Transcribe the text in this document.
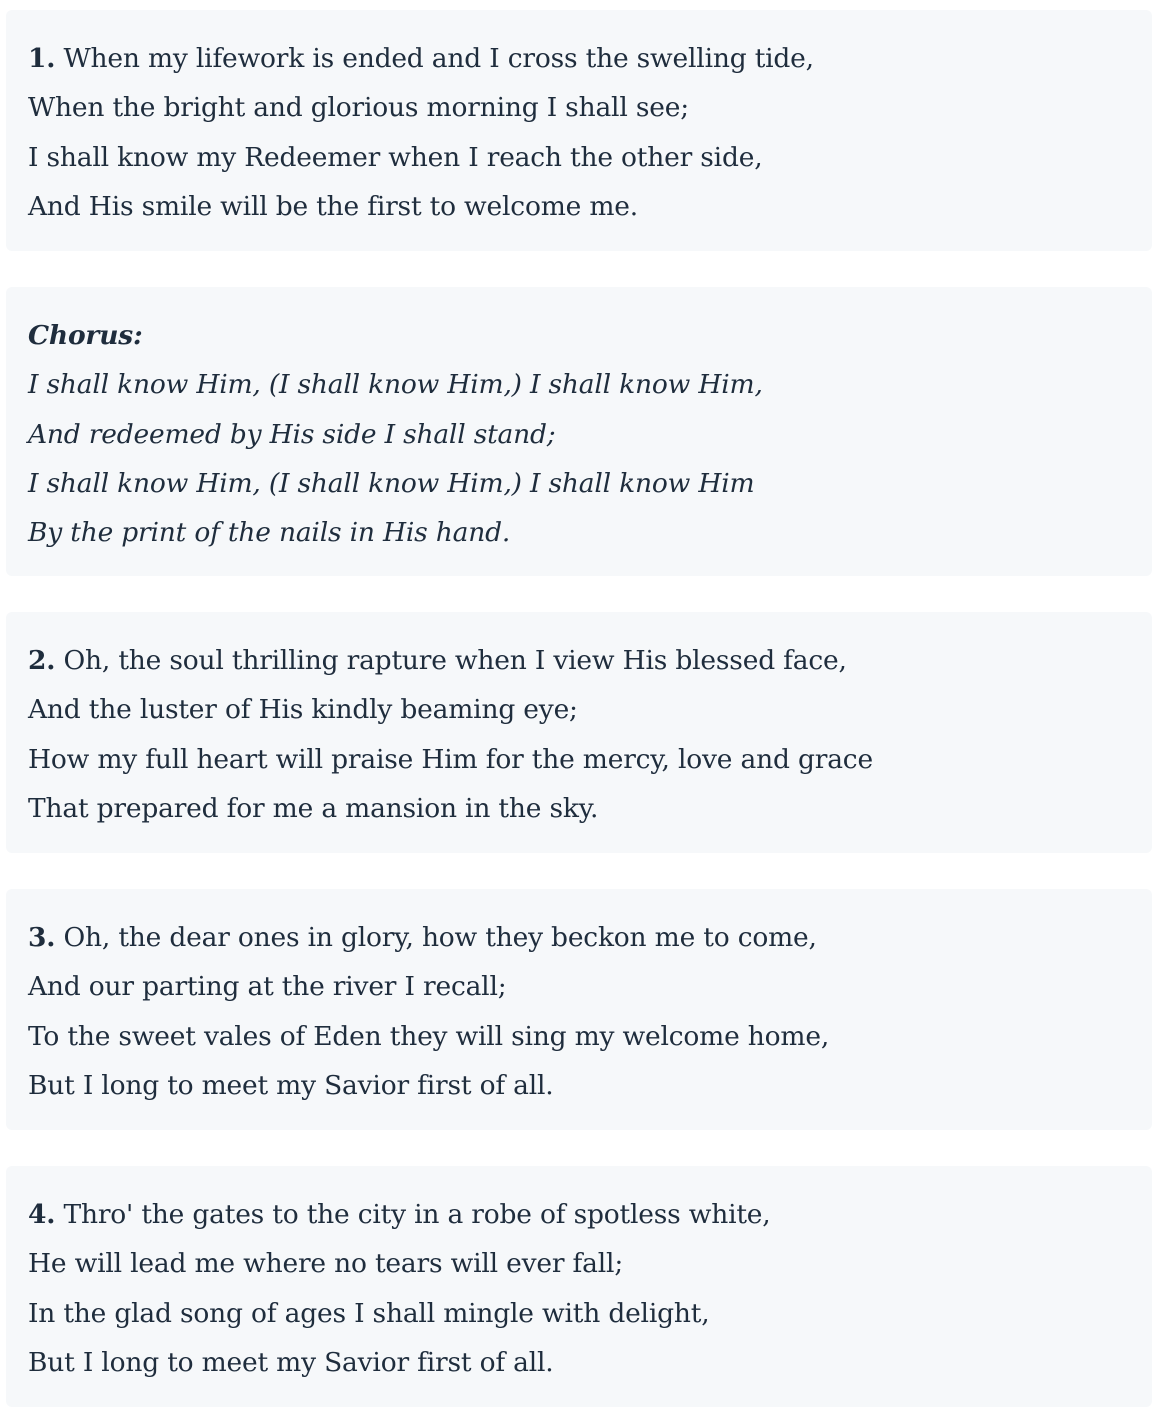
1. When my lifework is ended and I cross the swelling tide,
When the bright and glorious morning I shall see;
I shall know my Redeemer when I reach the other side,
And His smile will be the first to welcome me.
Chorus:
I shall know Him, (I shall know Him,) I shall know Him,
And redeemed by His side I shall stand;
I shall know Him, (I shall know Him,) I shall know Him
By the print of the nails in His hand.
2. Oh, the soul thrilling rapture when I view His blessed face,
And the luster of His kindly beaming eye;
How my full heart will praise Him for the mercy, love and grace
That prepared for me a mansion in the sky.
3. Oh, the dear ones in glory, how they beckon me to come,
And our parting at the river I recall;
To the sweet vales of Eden they will sing my welcome home,
But I long to meet my Savior first of all.
4. Thro' the gates to the city in a robe of spotless white,
He will lead me where no tears will ever fall;
In the glad song of ages I shall mingle with delight,
But I long to meet my Savior first of all.
